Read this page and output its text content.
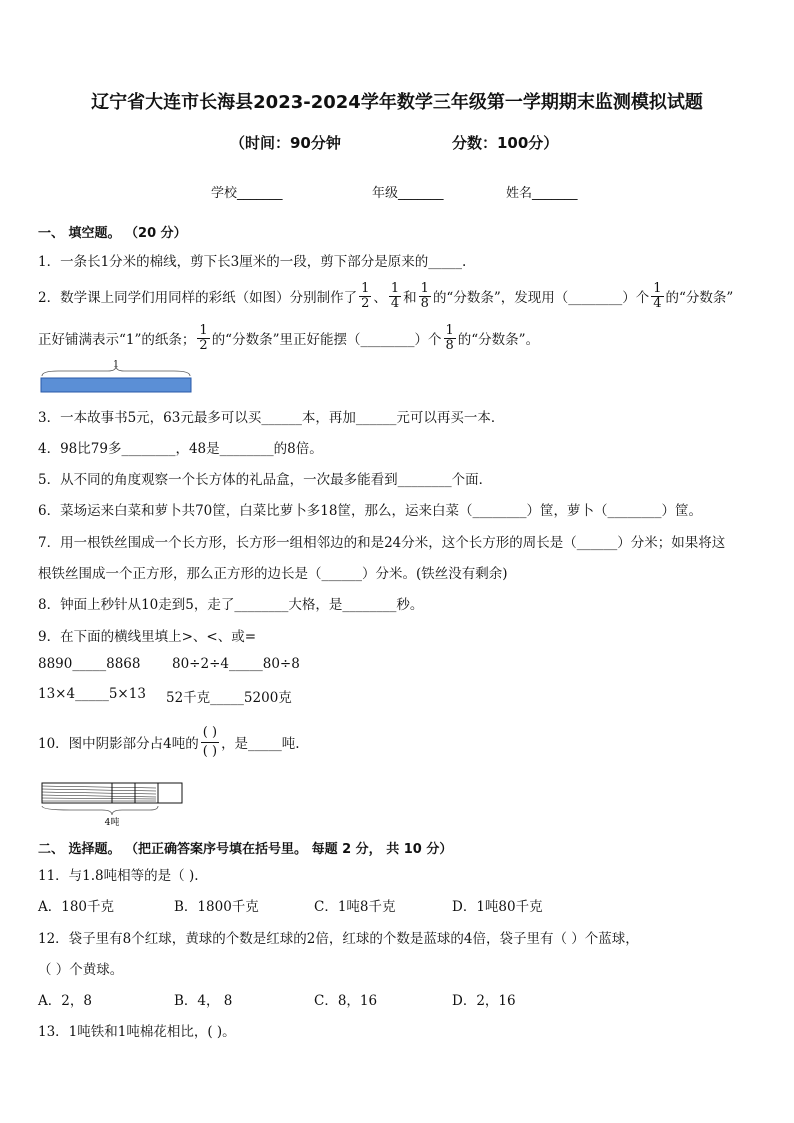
辽宁省大连市长海县2023-2024学年数学三年级第一学期期末监测模拟试题
（时间：90分钟	分数：100分）
学校_______	年级_______	姓名_______
一、 填空题。 （20 分）
1．一条长1分米的棉线，剪下长3厘米的一段，剪下部分是原来的_____.
2．数学课上同学们用同样的彩纸（如图）分别制作了 $\frac{1}{2}$ 、 $\frac{1}{4}$ 和 $\frac{1}{8}$ 的“分数条”，发现用（________）个 $\frac{1}{4}$ 的“分数条”
正好铺满表示“1”的纸条； $\frac{1}{2}$ 的“分数条”里正好能摆（________）个 $\frac{1}{8}$ 的“分数条”。
1
3．一本故事书5元，63元最多可以买______本，再加______元可以再买一本．
4．98比79多________，48是________的8倍。
5．从不同的角度观察一个长方体的礼品盒，一次最多能看到________个面．
6．菜场运来白菜和萝卜共70筐，白菜比萝卜多18筐，那么，运来白菜（________）筐，萝卜（________）筐。
7．用一根铁丝围成一个长方形，长方形一组相邻边的和是24分米，这个长方形的周长是（______）分米；如果将这
根铁丝围成一个正方形，那么正方形的边长是（______）分米。(铁丝没有剩余)
8．钟面上秒针从10走到5，走了________大格，是________秒。
9．在下面的横线里填上>、<、或=
8890_____8868 80÷2÷4_____80÷8
13×4_____5×13 52千克_____5200克
10．图中阴影部分占4吨的 $\frac{( )}{( )}$ ，是_____吨.
4吨
二、 选择题。 （把正确答案序号填在括号里。 每题 2 分， 共 10 分）
11．与1.8吨相等的是（ ).
A．180千克	B．1800千克	C．1吨8千克	D．1吨80千克
12．袋子里有8个红球，黄球的个数是红球的2倍，红球的个数是蓝球的4倍，袋子里有（ ）个蓝球，
（ ）个黄球。
A．2，8	B．4， 8	C．8，16	D．2，16
13．1吨铁和1吨棉花相比，( )。
